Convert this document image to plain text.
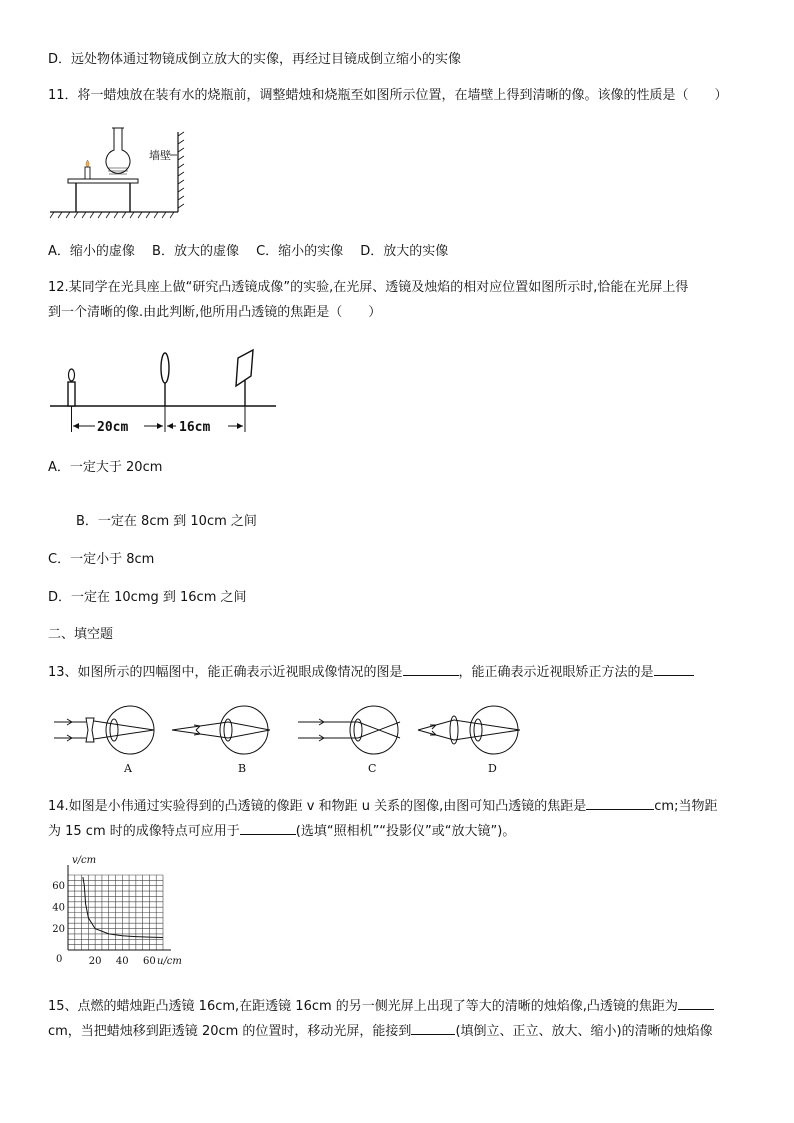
D．远处物体通过物镜成倒立放大的实像，再经过目镜成倒立缩小的实像
11．将一蜡烛放在装有水的烧瓶前，调整蜡烛和烧瓶至如图所示位置，在墙壁上得到清晰的像。该像的性质是（　　）
墙壁
A．缩小的虚像　 B．放大的虚像　 C．缩小的实像　 D．放大的实像
12.某同学在光具座上做“研究凸透镜成像”的实验,在光屏、透镜及烛焰的相对应位置如图所示时,恰能在光屏上得
到一个清晰的像.由此判断,他所用凸透镜的焦距是（　　）
20cm	16cm
A．一定大于 20cm
B．一定在 8cm 到 10cm 之间
C．一定小于 8cm
D．一定在 10cmg 到 16cm 之间
二、填空题
13、如图所示的四幅图中，能正确表示近视眼成像情况的图是	，能正确表示近视眼矫正方法的是
A	B	C	D
14.如图是小伟通过实验得到的凸透镜的像距 v 和物距 u 关系的图像,由图可知凸透镜的焦距是	cm;当物距
为 15 cm 时的成像特点可应用于	(选填“照相机”“投影仪”或“放大镜”)。
20 40 60
20
40
60
v/cm
u/cm
0
15、点燃的蜡烛距凸透镜 16cm,在距透镜 16cm 的另一侧光屏上出现了等大的清晰的烛焰像,凸透镜的焦距为
cm，当把蜡烛移到距透镜 20cm 的位置时，移动光屏，能接到	(填倒立、正立、放大、缩小)的清晰的烛焰像
